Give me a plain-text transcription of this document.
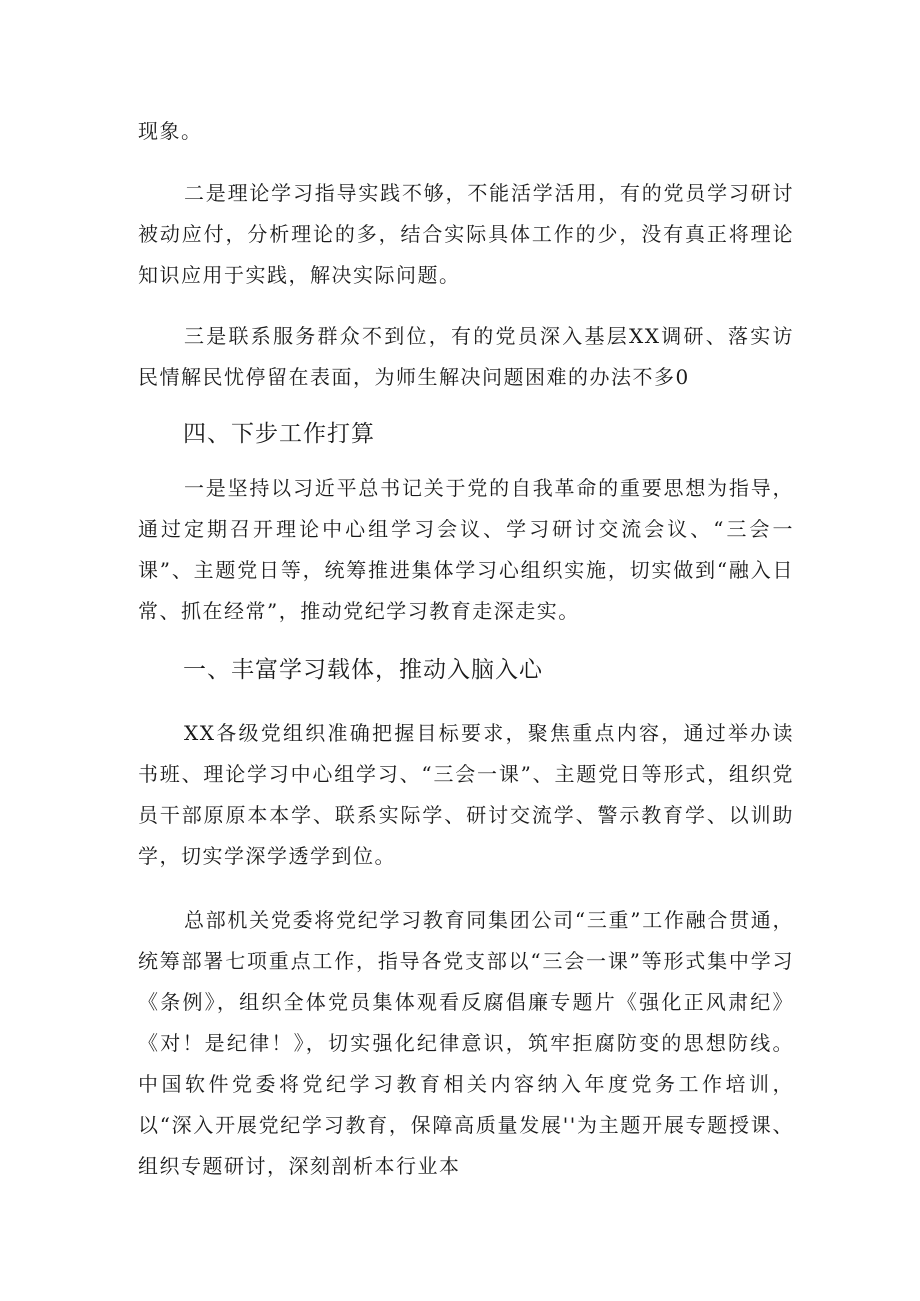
现象。

二是理论学习指导实践不够，不能活学活用，有的党员学习研讨被动应付，分析理论的多，结合实际具体工作的少，没有真正将理论知识应用于实践，解决实际问题。

三是联系服务群众不到位，有的党员深入基层XX调研、落实访民情解民忧停留在表面，为师生解决问题困难的办法不多0

四、下步工作打算

一是坚持以习近平总书记关于党的自我革命的重要思想为指导，通过定期召开理论中心组学习会议、学习研讨交流会议、“三会一课”、主题党日等，统筹推进集体学习心组织实施，切实做到“融入日常、抓在经常”，推动党纪学习教育走深走实。

一、丰富学习载体，推动入脑入心

XX各级党组织准确把握目标要求，聚焦重点内容，通过举办读书班、理论学习中心组学习、“三会一课”、主题党日等形式，组织党员干部原原本本学、联系实际学、研讨交流学、警示教育学、以训助学，切实学深学透学到位。

总部机关党委将党纪学习教育同集团公司“三重”工作融合贯通，统筹部署七项重点工作，指导各党支部以“三会一课”等形式集中学习《条例》，组织全体党员集体观看反腐倡廉专题片《强化正风肃纪》《对！是纪律！》，切实强化纪律意识，筑牢拒腐防变的思想防线。中国软件党委将党纪学习教育相关内容纳入年度党务工作培训，以“深入开展党纪学习教育，保障高质量发展''为主题开展专题授课、组织专题研讨，深刻剖析本行业本
